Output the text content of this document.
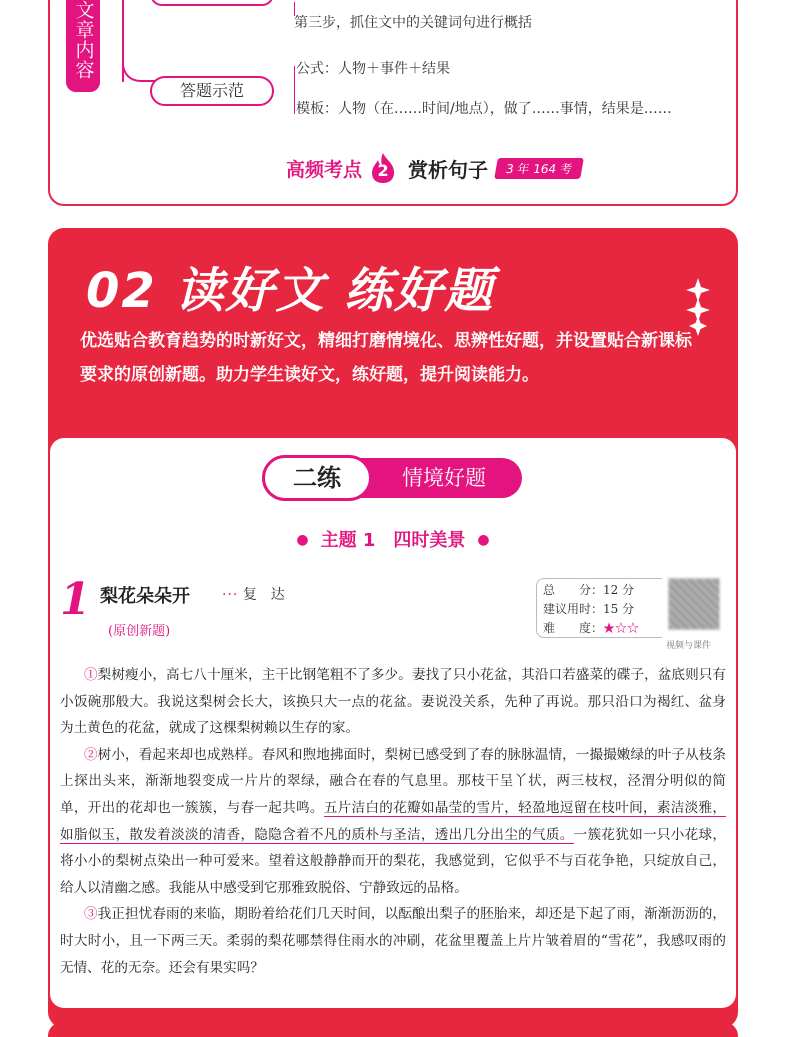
文章内容	第三步，抓住文中的关键词句进行概括
答题示范
公式：人物＋事件＋结果
模板：人物（在……时间/地点），做了……事情，结果是……
高频考点 2 赏析句子	3 年 164 考
02 读好文 练好题
优选贴合教育趋势的时新好文，精细打磨情境化、思辨性好题，并设置贴合新课标要求的原创新题。助力学生读好文，练好题，提升阅读能力。
二练	情境好题
● 主题 1　四时美景 ●
1 梨花朵朵开 ··· 复　达
(原创新题)
总　　分：12 分
建议用时：15 分
难　　度：★☆☆
视频与课件

①梨树瘦小，高七八十厘米，主干比钢笔粗不了多少。妻找了只小花盆，其沿口若盛菜的碟子，盆底则只有小饭碗那般大。我说这梨树会长大，该换只大一点的花盆。妻说没关系，先种了再说。那只沿口为褐红、盆身为土黄色的花盆，就成了这棵梨树赖以生存的家。

②树小，看起来却也成熟样。春风和煦地拂面时，梨树已感受到了春的脉脉温情，一撮撮嫩绿的叶子从枝条上探出头来，渐渐地裂变成一片片的翠绿，融合在春的气息里。那枝干呈丫状，两三枝杈，泾渭分明似的简单，开出的花却也一簇簇，与春一起共鸣。五片洁白的花瓣如晶莹的雪片，轻盈地逗留在枝叶间，素洁淡雅，如脂似玉，散发着淡淡的清香，隐隐含着不凡的质朴与圣洁，透出几分出尘的气质。一簇花犹如一只小花球，将小小的梨树点染出一种可爱来。望着这般静静而开的梨花，我感觉到，它似乎不与百花争艳，只绽放自己，给人以清幽之感。我能从中感受到它那雅致脱俗、宁静致远的品格。

③我正担忧春雨的来临，期盼着给花们几天时间，以酝酿出梨子的胚胎来，却还是下起了雨，渐渐沥沥的，时大时小，且一下两三天。柔弱的梨花哪禁得住雨水的冲刷，花盆里覆盖上片片皱着眉的“雪花”，我感叹雨的无情、花的无奈。还会有果实吗？
